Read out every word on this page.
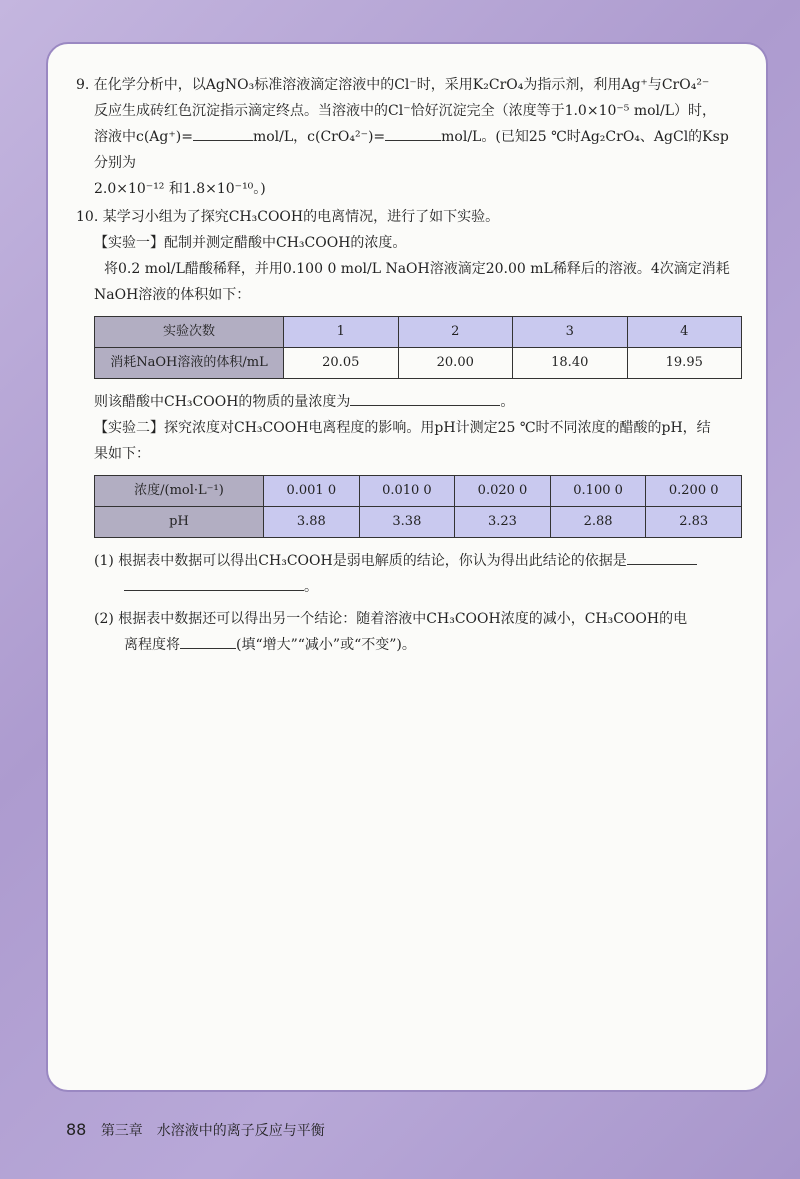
9. 在化学分析中，以AgNO₃标准溶液滴定溶液中的Cl⁻时，采用K₂CrO₄为指示剂，利用Ag⁺与CrO₄²⁻

反应生成砖红色沉淀指示滴定终点。当溶液中的Cl⁻恰好沉淀完全（浓度等于1.0×10⁻⁵ mol/L）时，

溶液中c(Ag⁺)=	mol/L，c(CrO₄²⁻)=	mol/L。(已知25 ℃时Ag₂CrO₄、AgCl的Ksp分别为

2.0×10⁻¹² 和1.8×10⁻¹⁰。)

10. 某学习小组为了探究CH₃COOH的电离情况，进行了如下实验。

【实验一】配制并测定醋酸中CH₃COOH的浓度。

将0.2 mol/L醋酸稀释，并用0.100 0 mol/L NaOH溶液滴定20.00 mL稀释后的溶液。4次滴定消耗

NaOH溶液的体积如下：

实验次数	1	2	3	4
消耗NaOH溶液的体积/mL	20.05	20.00	18.40	19.95

则该醋酸中CH₃COOH的物质的量浓度为	。

【实验二】探究浓度对CH₃COOH电离程度的影响。用pH计测定25 ℃时不同浓度的醋酸的pH，结

果如下：

浓度/(mol·L⁻¹)	0.001 0	0.010 0	0.020 0	0.100 0	0.200 0
pH	3.88	3.38	3.23	2.88	2.83

(1) 根据表中数据可以得出CH₃COOH是弱电解质的结论，你认为得出此结论的依据是

。

(2) 根据表中数据还可以得出另一个结论：随着溶液中CH₃COOH浓度的减小，CH₃COOH的电

离程度将	(填“增大”“减小”或“不变”)。

88 第三章　水溶液中的离子反应与平衡
